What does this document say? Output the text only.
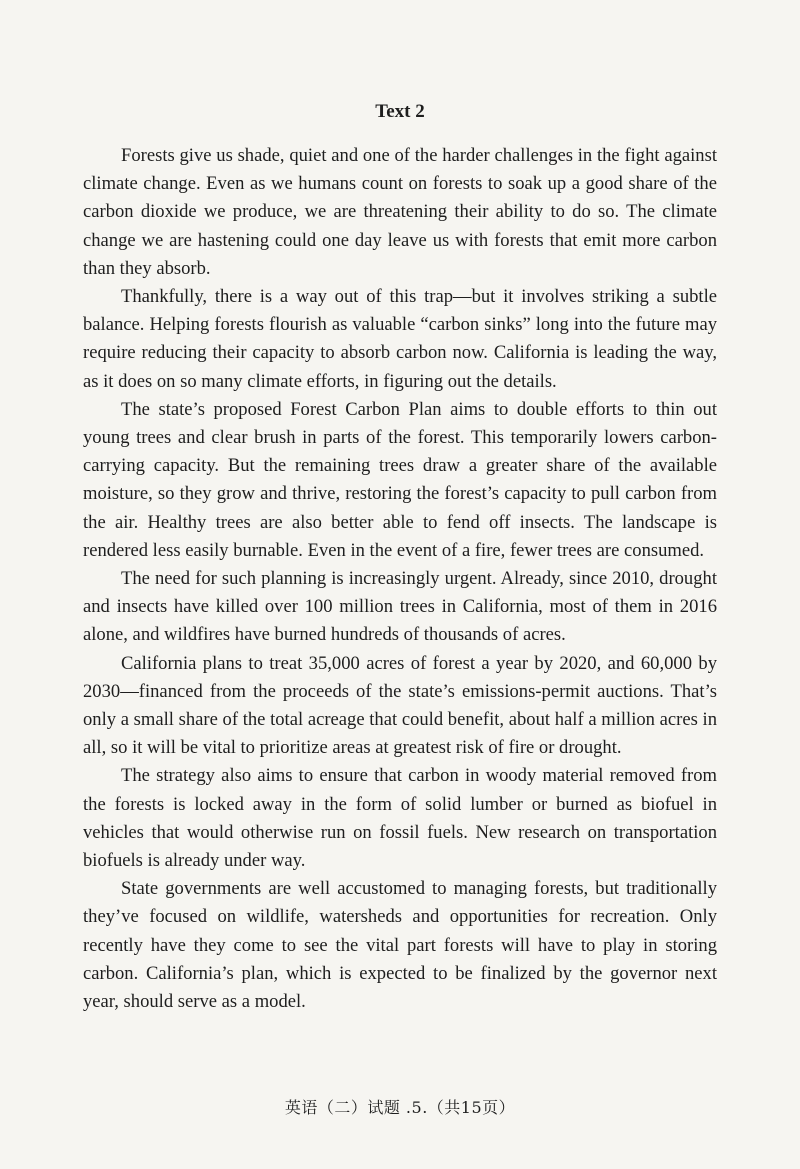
Text 2

Forests give us shade, quiet and one of the harder challenges in the fight against climate change. Even as we humans count on forests to soak up a good share of the carbon dioxide we produce, we are threatening their ability to do so. The climate change we are hastening could one day leave us with forests that emit more carbon than they absorb.

Thankfully, there is a way out of this trap—but it involves striking a subtle balance. Helping forests flourish as valuable “carbon sinks” long into the future may require reducing their capacity to absorb carbon now. California is leading the way, as it does on so many climate efforts, in figuring out the details.

The state’s proposed Forest Carbon Plan aims to double efforts to thin out young trees and clear brush in parts of the forest. This temporarily lowers carbon-carrying capacity. But the remaining trees draw a greater share of the available moisture, so they grow and thrive, restoring the forest’s capacity to pull carbon from the air. Healthy trees are also better able to fend off insects. The landscape is rendered less easily burnable. Even in the event of a fire, fewer trees are consumed.

The need for such planning is increasingly urgent. Already, since 2010, drought and insects have killed over 100 million trees in California, most of them in 2016 alone, and wildfires have burned hundreds of thousands of acres.

California plans to treat 35,000 acres of forest a year by 2020, and 60,000 by 2030—financed from the proceeds of the state’s emissions-permit auctions. That’s only a small share of the total acreage that could benefit, about half a million acres in all, so it will be vital to prioritize areas at greatest risk of fire or drought.

The strategy also aims to ensure that carbon in woody material removed from the forests is locked away in the form of solid lumber or burned as biofuel in vehicles that would otherwise run on fossil fuels. New research on transportation biofuels is already under way.

State governments are well accustomed to managing forests, but traditionally they’ve focused on wildlife, watersheds and opportunities for recreation. Only recently have they come to see the vital part forests will have to play in storing carbon. California’s plan, which is expected to be finalized by the governor next year, should serve as a model.

英语（二）试题 .5.（共15页）
